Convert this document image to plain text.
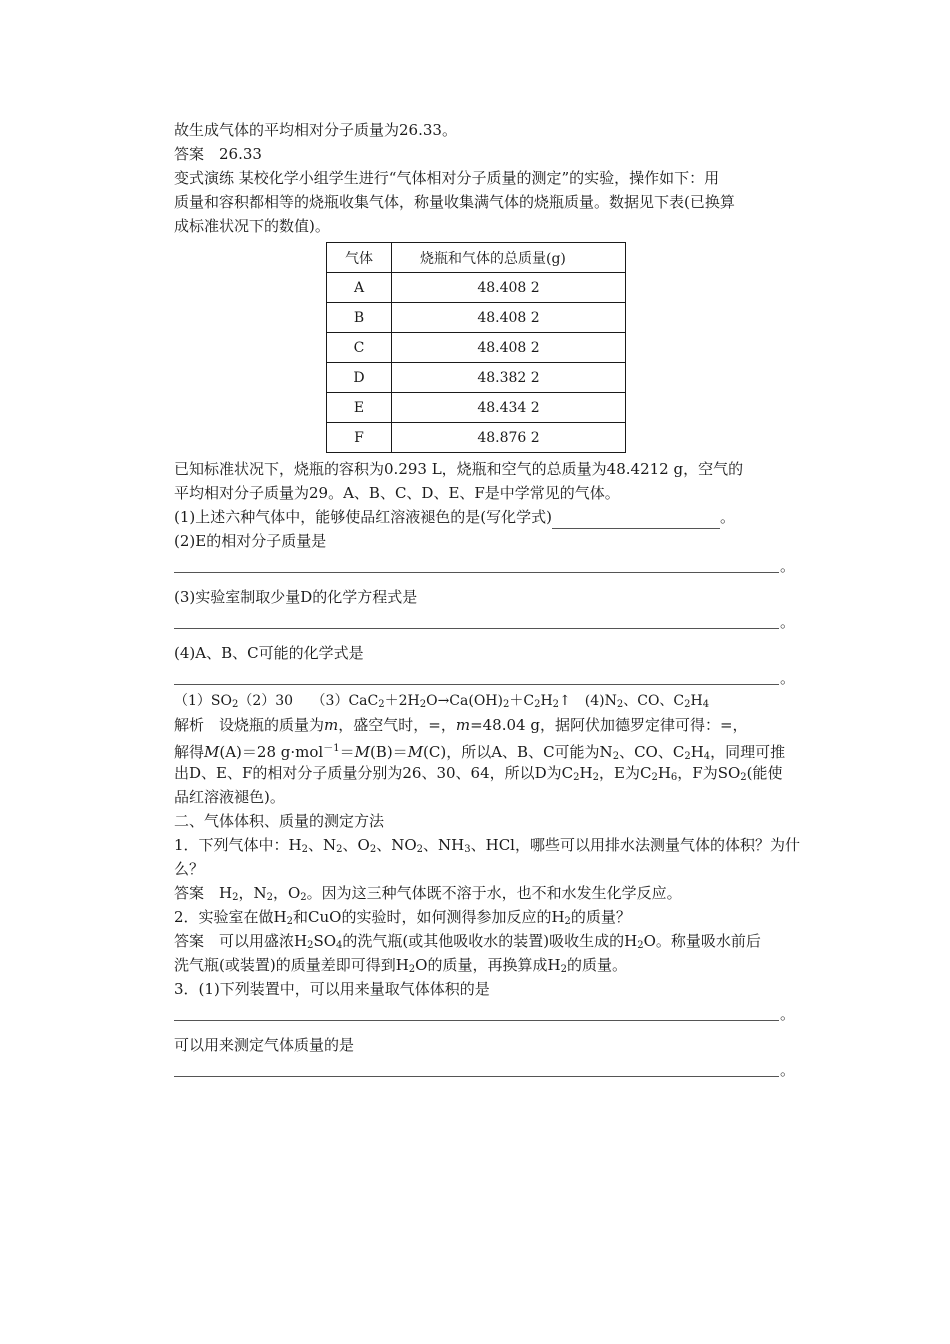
故生成气体的平均相对分子质量为26.33。
答案　26.33
变式演练 某校化学小组学生进行“气体相对分子质量的测定”的实验，操作如下：用
质量和容积都相等的烧瓶收集气体，称量收集满气体的烧瓶质量。数据见下表(已换算
成标准状况下的数值)。
气体	烧瓶和气体的总质量(g)
A	48.408 2
B	48.408 2
C	48.408 2
D	48.382 2
E	48.434 2
F	48.876 2
已知标准状况下，烧瓶的容积为0.293 L，烧瓶和空气的总质量为48.4212 g，空气的
平均相对分子质量为29。A、B、C、D、E、F是中学常见的气体。
(1)上述六种气体中，能够使品红溶液褪色的是(写化学式)	。
(2)E的相对分子质量是
。
(3)实验室制取少量D的化学方程式是
。
(4)A、B、C可能的化学式是
。
$(1)SO_2(2)30$　 $(3)CaC_2+2H_2O\to Ca(OH)_2+C_2H_2↑$　$(4)N_2$、CO、$C_2H_4$
解析　设烧瓶的质量为m，盛空气时，=，m=48.04 g，据阿伏加德罗定律可得：=，
解得M(A)＝28 g·mol$^{-1}$＝M(B)＝M(C)，所以A、B、C可能为$N_2$、CO、$C_2H_4$，同理可推
出D、E、F的相对分子质量分别为26、30、64，所以D为$C_2H_2$，E为$C_2H_6$，F为$SO_2$(能使
品红溶液褪色)。
二、气体体积、质量的测定方法
1．下列气体中：$H_2$、$N_2$、$O_2$、$NO_2$、$NH_3$、HCl，哪些可以用排水法测量气体的体积？为什
么？
答案　$H_2$，$N_2$，$O_2$。因为这三种气体既不溶于水，也不和水发生化学反应。
2．实验室在做$H_2$和CuO的实验时，如何测得参加反应的$H_2$的质量？
答案　可以用盛浓$H_2SO_4$的洗气瓶(或其他吸收水的装置)吸收生成的$H_2O$。称量吸水前后
洗气瓶(或装置)的质量差即可得到$H_2O$的质量，再换算成$H_2$的质量。
3．(1)下列装置中，可以用来量取气体体积的是
。
可以用来测定气体质量的是
。
